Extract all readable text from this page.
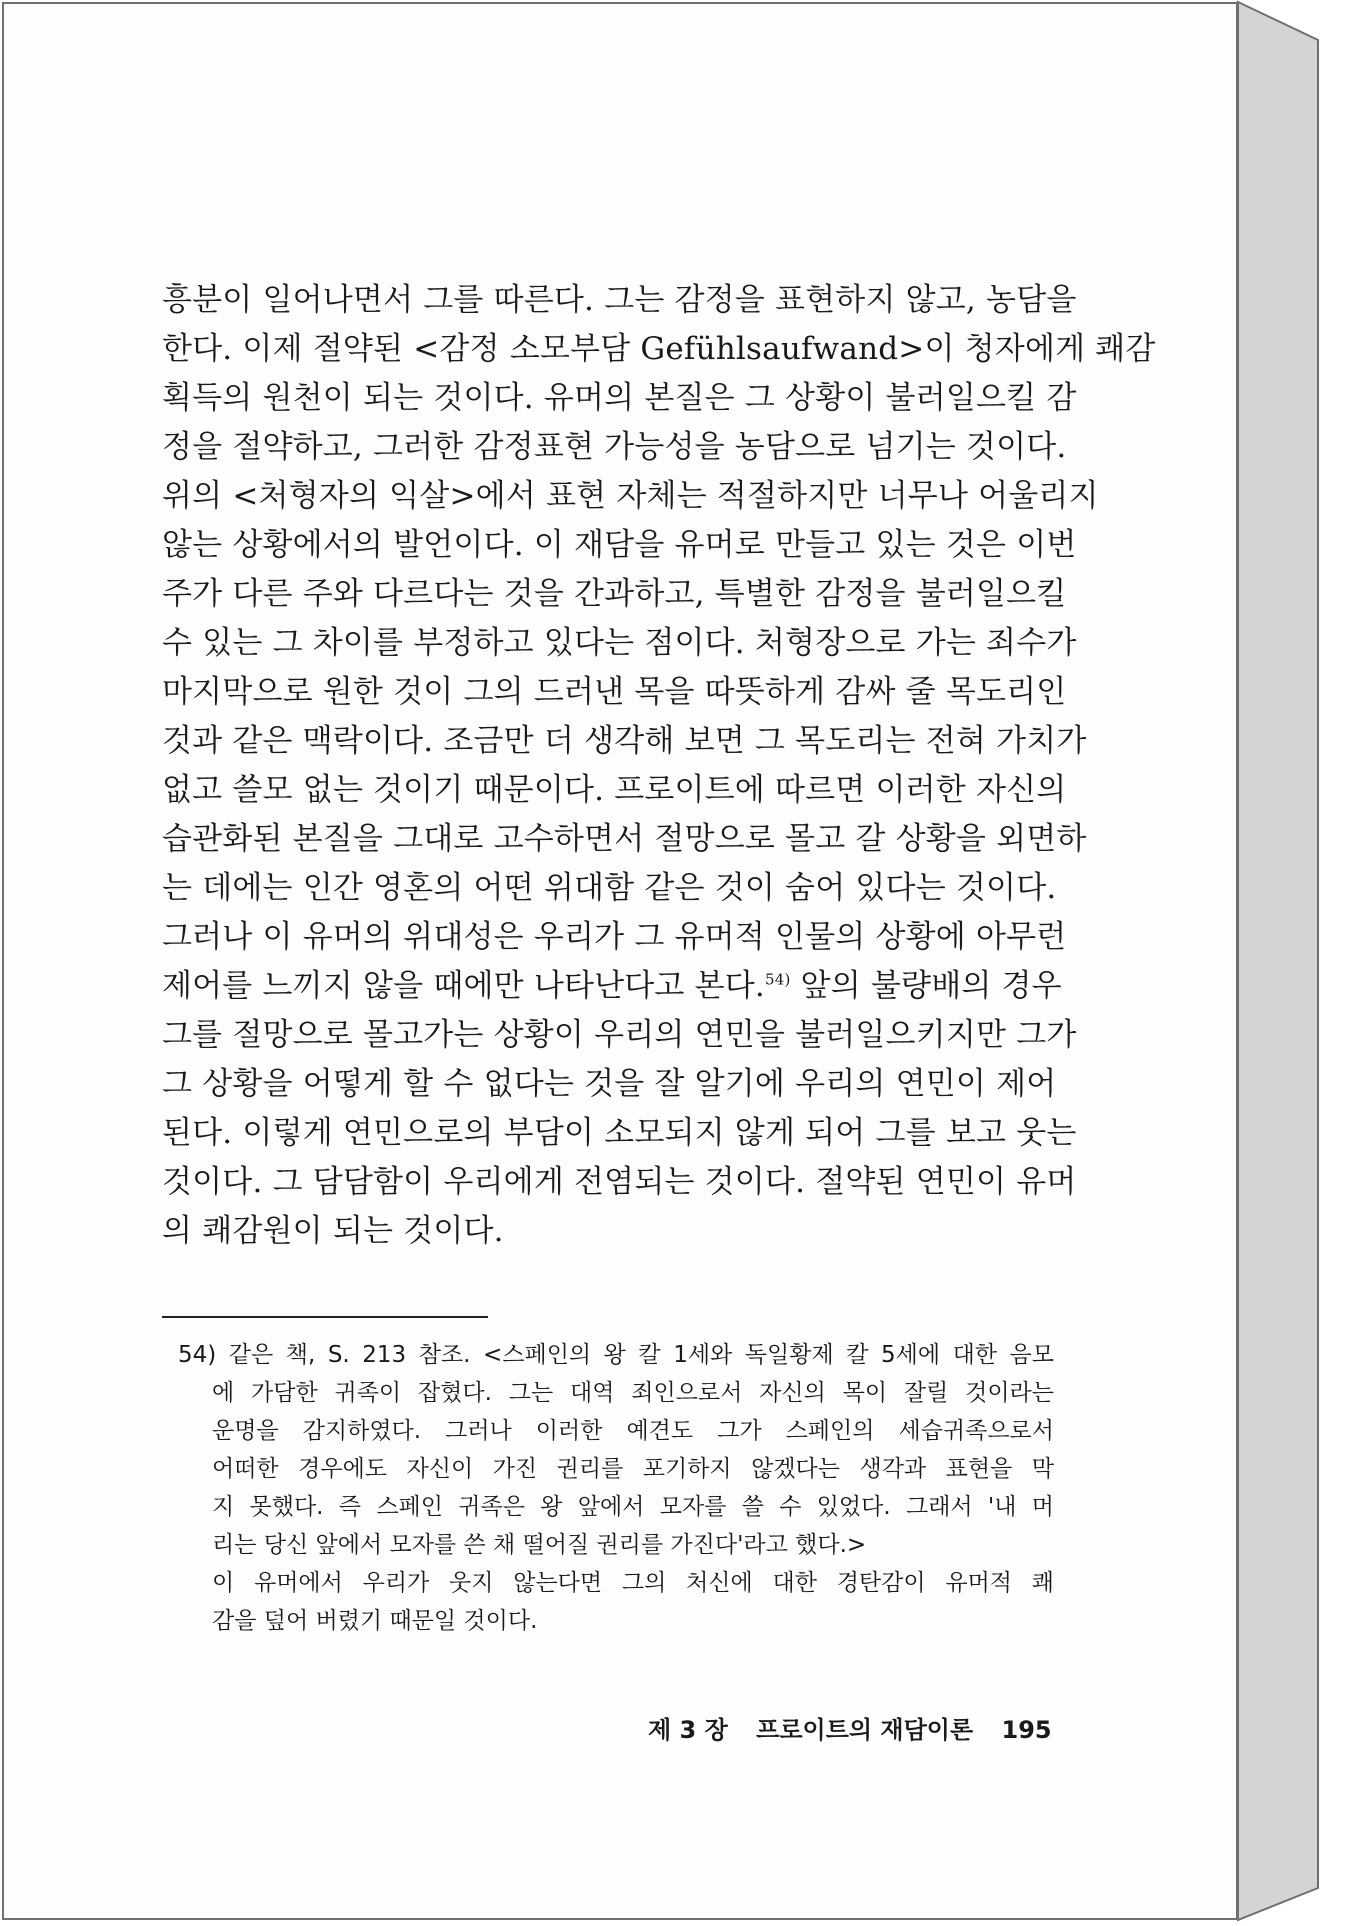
흥분이 일어나면서 그를 따른다. 그는 감정을 표현하지 않고, 농담을
한다. 이제 절약된 <감정 소모부담 Gefühlsaufwand>이 청자에게 쾌감
획득의 원천이 되는 것이다. 유머의 본질은 그 상황이 불러일으킬 감
정을 절약하고, 그러한 감정표현 가능성을 농담으로 넘기는 것이다.
위의 <처형자의 익살>에서 표현 자체는 적절하지만 너무나 어울리지
않는 상황에서의 발언이다. 이 재담을 유머로 만들고 있는 것은 이번
주가 다른 주와 다르다는 것을 간과하고, 특별한 감정을 불러일으킬
수 있는 그 차이를 부정하고 있다는 점이다. 처형장으로 가는 죄수가
마지막으로 원한 것이 그의 드러낸 목을 따뜻하게 감싸 줄 목도리인
것과 같은 맥락이다. 조금만 더 생각해 보면 그 목도리는 전혀 가치가
없고 쓸모 없는 것이기 때문이다. 프로이트에 따르면 이러한 자신의
습관화된 본질을 그대로 고수하면서 절망으로 몰고 갈 상황을 외면하
는 데에는 인간 영혼의 어떤 위대함 같은 것이 숨어 있다는 것이다.
그러나 이 유머의 위대성은 우리가 그 유머적 인물의 상황에 아무런
제어를 느끼지 않을 때에만 나타난다고 본다.$^{54)}$ 앞의 불량배의 경우
그를 절망으로 몰고가는 상황이 우리의 연민을 불러일으키지만 그가
그 상황을 어떻게 할 수 없다는 것을 잘 알기에 우리의 연민이 제어
된다. 이렇게 연민으로의 부담이 소모되지 않게 되어 그를 보고 웃는
것이다. 그 담담함이 우리에게 전염되는 것이다. 절약된 연민이 유머
의 쾌감원이 되는 것이다.
54) 같은 책, S. 213 참조. <스페인의 왕 칼 1세와 독일황제 칼 5세에 대한 음모
에 가담한 귀족이 잡혔다. 그는 대역 죄인으로서 자신의 목이 잘릴 것이라는
운명을 감지하였다. 그러나 이러한 예견도 그가 스페인의 세습귀족으로서
어떠한 경우에도 자신이 가진 권리를 포기하지 않겠다는 생각과 표현을 막
지 못했다. 즉 스페인 귀족은 왕 앞에서 모자를 쓸 수 있었다. 그래서 '내 머
리는 당신 앞에서 모자를 쓴 채 떨어질 권리를 가진다'라고 했다.>
이 유머에서 우리가 웃지 않는다면 그의 처신에 대한 경탄감이 유머적 쾌
감을 덮어 버렸기 때문일 것이다.
제 3 장 프로이트의 재담이론 195
